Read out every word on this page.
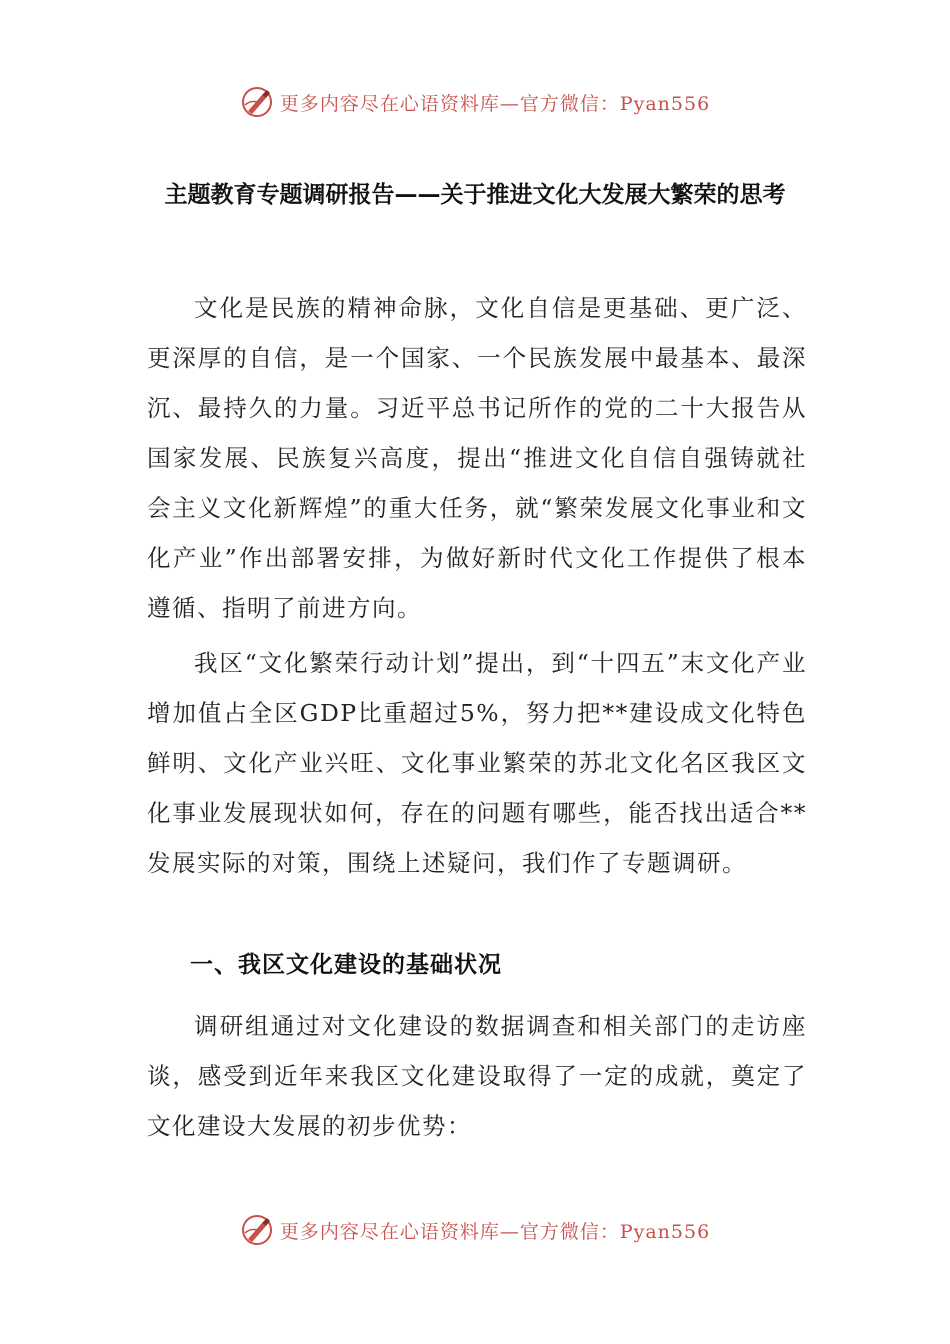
更多内容尽在心语资料库—官方微信：Pyan556
主题教育专题调研报告——关于推进文化大发展大繁荣的思考

文化是民族的精神命脉，文化自信是更基础、更广泛、更深厚的自信，是一个国家、一个民族发展中最基本、最深沉、最持久的力量。习近平总书记所作的党的二十大报告从国家发展、民族复兴高度，提出“推进文化自信自强铸就社会主义文化新辉煌”的重大任务，就“繁荣发展文化事业和文化产业”作出部署安排，为做好新时代文化工作提供了根本遵循、指明了前进方向。

我区“文化繁荣行动计划”提出，到“十四五”末文化产业增加值占全区GDP比重超过5%，努力把**建设成文化特色鲜明、文化产业兴旺、文化事业繁荣的苏北文化名区我区文化事业发展现状如何，存在的问题有哪些，能否找出适合**发展实际的对策，围绕上述疑问，我们作了专题调研。

一、我区文化建设的基础状况

调研组通过对文化建设的数据调查和相关部门的走访座谈，感受到近年来我区文化建设取得了一定的成就，奠定了文化建设大发展的初步优势：

更多内容尽在心语资料库—官方微信：Pyan556
